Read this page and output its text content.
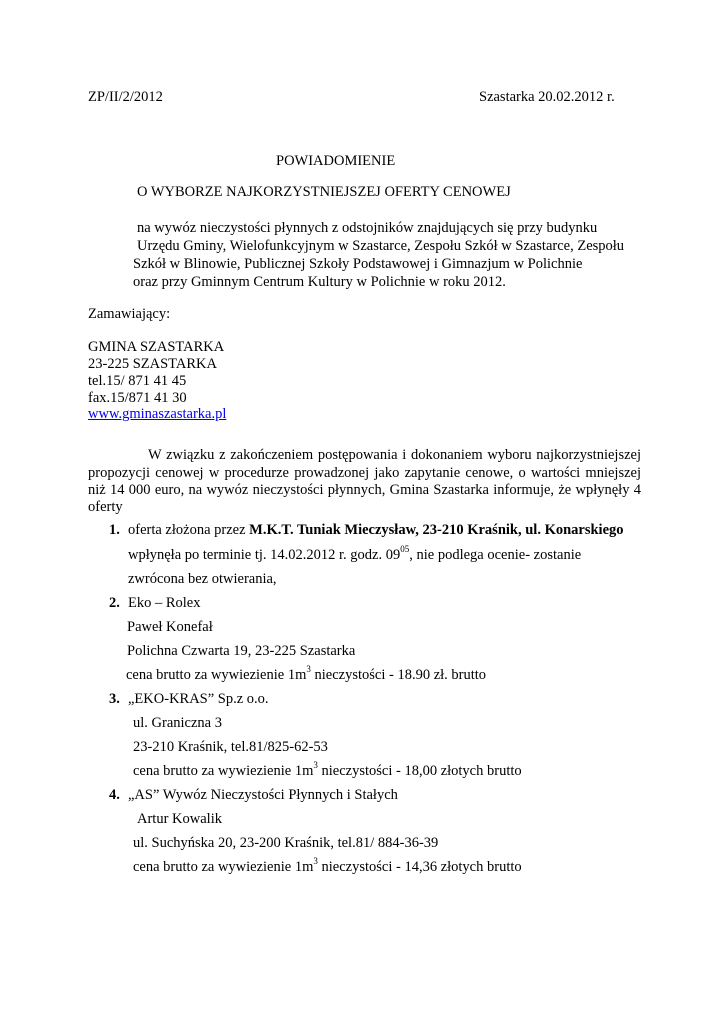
ZP/II/2/2012	Szastarka 20.02.2012 r.
POWIADOMIENIE
O WYBORZE NAJKORZYSTNIEJSZEJ OFERTY CENOWEJ
na wywóz nieczystości płynnych z odstojników znajdujących się przy budynku
Urzędu Gminy, Wielofunkcyjnym w Szastarce, Zespołu Szkół w Szastarce, Zespołu
Szkół w Blinowie, Publicznej Szkoły Podstawowej i Gimnazjum w Polichnie
oraz przy Gminnym Centrum Kultury w Polichnie w roku 2012.
Zamawiający:
GMINA SZASTARKA
23-225 SZASTARKA
tel.15/ 871 41 45
fax.15/871 41 30
www.gminaszastarka.pl
W związku z zakończeniem postępowania i dokonaniem wyboru najkorzystniejszej
propozycji cenowej w procedurze prowadzonej jako zapytanie cenowe, o wartości mniejszej
niż 14 000 euro, na wywóz nieczystości płynnych, Gmina Szastarka informuje, że wpłynęły 4
oferty
1. oferta złożona przez M.K.T. Tuniak Mieczysław, 23-210 Kraśnik, ul. Konarskiego
wpłynęła po terminie tj. 14.02.2012 r. godz. $09^{05}$, nie podlega ocenie- zostanie
zwrócona bez otwierania,
2. Eko – Rolex
Paweł Konefał
Polichna Czwarta 19, 23-225 Szastarka
cena brutto za wywiezienie $1m^3$ nieczystości - 18.90 zł. brutto
3. „EKO-KRAS” Sp.z o.o.
ul. Graniczna 3
23-210 Kraśnik, tel.81/825-62-53
cena brutto za wywiezienie $1m^3$ nieczystości - 18,00 złotych brutto
4. „AS” Wywóz Nieczystości Płynnych i Stałych
Artur Kowalik
ul. Suchyńska 20, 23-200 Kraśnik, tel.81/ 884-36-39
cena brutto za wywiezienie $1m^3$ nieczystości - 14,36 złotych brutto
